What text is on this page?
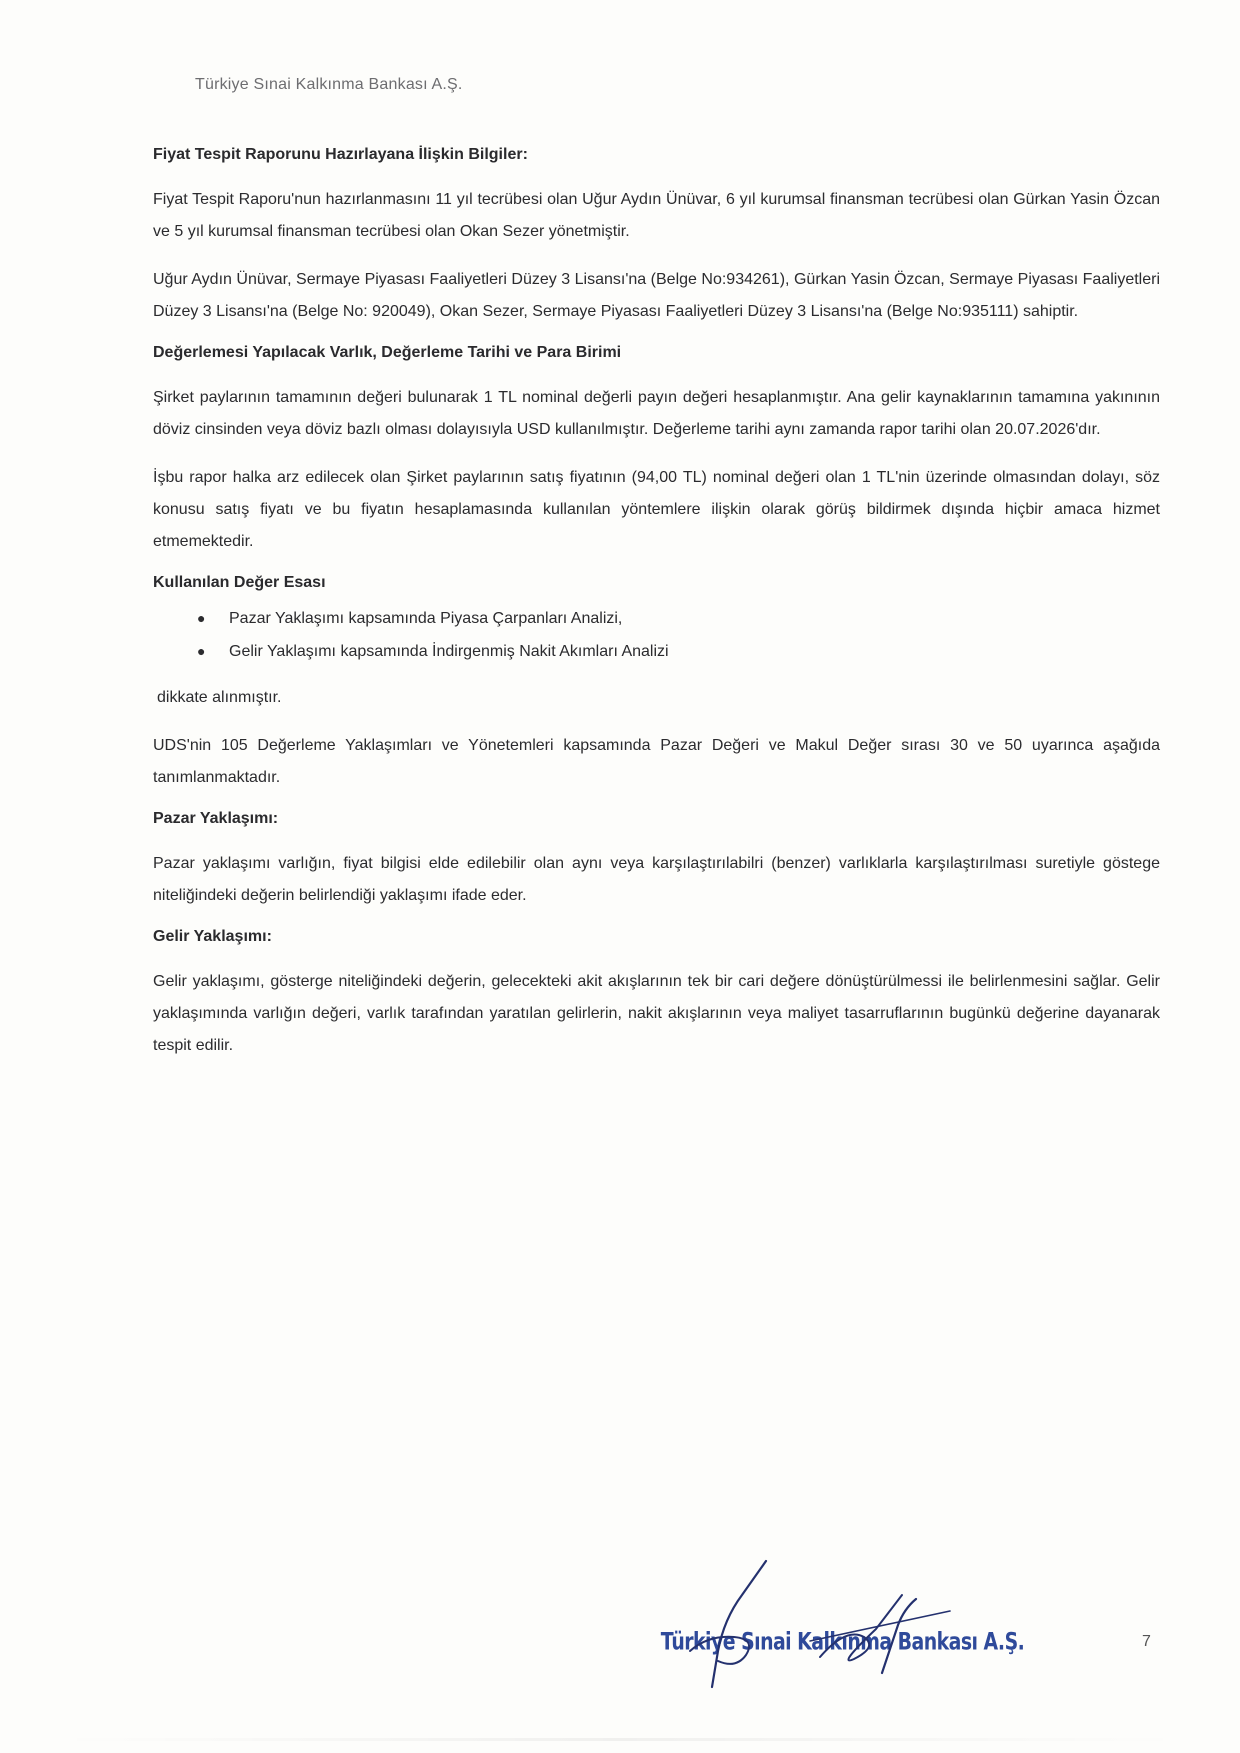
Türkiye Sınai Kalkınma Bankası A.Ş.
Fiyat Tespit Raporunu Hazırlayana İlişkin Bilgiler:

Fiyat Tespit Raporu'nun hazırlanmasını 11 yıl tecrübesi olan Uğur Aydın Ünüvar, 6 yıl kurumsal finansman tecrübesi olan Gürkan Yasin Özcan ve 5 yıl kurumsal finansman tecrübesi olan Okan Sezer yönetmiştir.

Uğur Aydın Ünüvar, Sermaye Piyasası Faaliyetleri Düzey 3 Lisansı'na (Belge No:934261), Gürkan Yasin Özcan, Sermaye Piyasası Faaliyetleri Düzey 3 Lisansı'na (Belge No: 920049), Okan Sezer, Sermaye Piyasası Faaliyetleri Düzey 3 Lisansı'na (Belge No:935111) sahiptir.

Değerlemesi Yapılacak Varlık, Değerleme Tarihi ve Para Birimi

Şirket paylarının tamamının değeri bulunarak 1 TL nominal değerli payın değeri hesaplanmıştır. Ana gelir kaynaklarının tamamına yakınının döviz cinsinden veya döviz bazlı olması dolayısıyla USD kullanılmıştır. Değerleme tarihi aynı zamanda rapor tarihi olan 20.07.2026'dır.

İşbu rapor halka arz edilecek olan Şirket paylarının satış fiyatının (94,00 TL) nominal değeri olan 1 TL'nin üzerinde olmasından dolayı, söz konusu satış fiyatı ve bu fiyatın hesaplamasında kullanılan yöntemlere ilişkin olarak görüş bildirmek dışında hiçbir amaca hizmet etmemektedir.

Kullanılan Değer Esası
● Pazar Yaklaşımı kapsamında Piyasa Çarpanları Analizi,
● Gelir Yaklaşımı kapsamında İndirgenmiş Nakit Akımları Analizi

dikkate alınmıştır.

UDS'nin 105 Değerleme Yaklaşımları ve Yönetemleri kapsamında Pazar Değeri ve Makul Değer sırası 30 ve 50 uyarınca aşağıda tanımlanmaktadır.

Pazar Yaklaşımı:

Pazar yaklaşımı varlığın, fiyat bilgisi elde edilebilir olan aynı veya karşılaştırılabilri (benzer) varlıklarla karşılaştırılması suretiyle göstege niteliğindeki değerin belirlendiği yaklaşımı ifade eder.

Gelir Yaklaşımı:

Gelir yaklaşımı, gösterge niteliğindeki değerin, gelecekteki akit akışlarının tek bir cari değere dönüştürülmessi ile belirlenmesini sağlar. Gelir yaklaşımında varlığın değeri, varlık tarafından yaratılan gelirlerin, nakit akışlarının veya maliyet tasarruflarının bugünkü değerine dayanarak tespit edilir.

Türkiye Sınai Kalkınma Bankası A.Ş.	7
